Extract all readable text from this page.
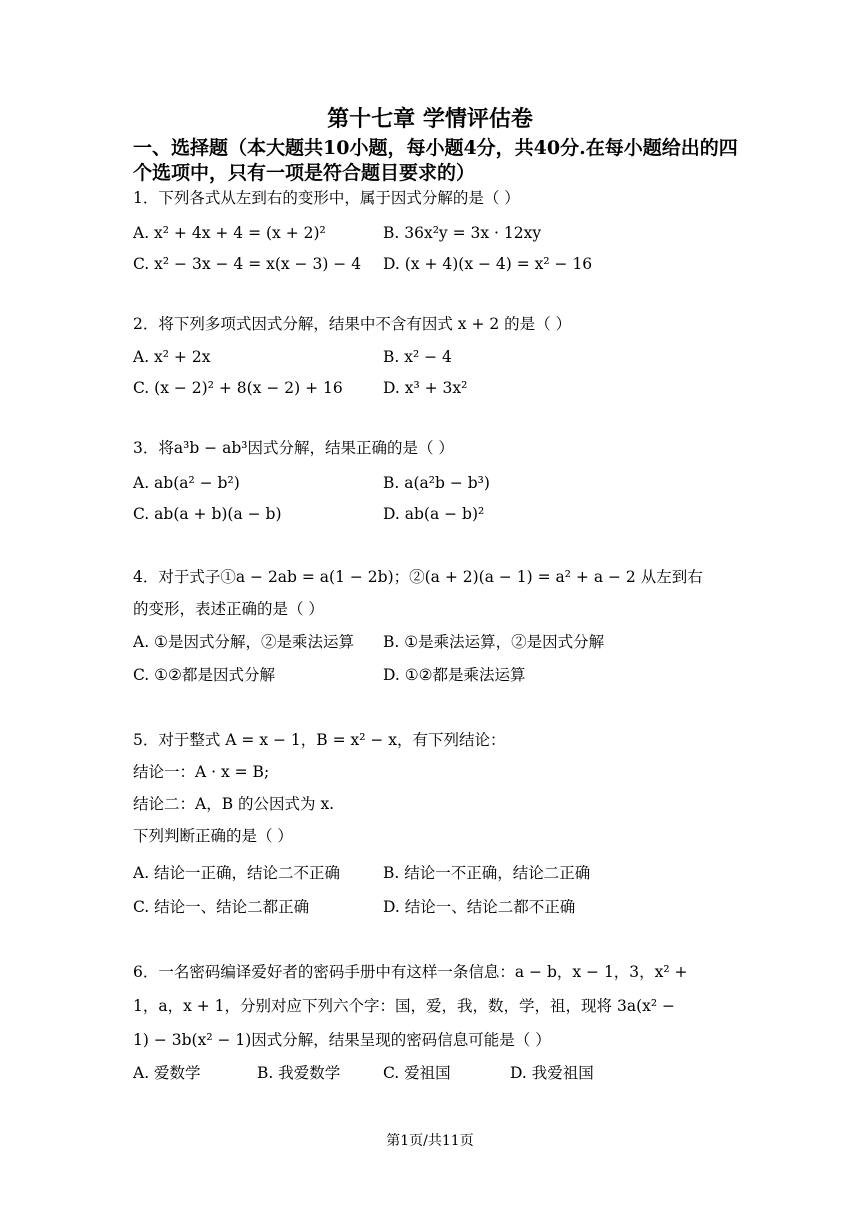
第十七章 学情评估卷
一、选择题（本大题共10小题，每小题4分，共40分.在每小题给出的四个选项中，只有一项是符合题目要求的）
1．下列各式从左到右的变形中，属于因式分解的是（ ）
A. x² + 4x + 4 = (x + 2)²	B. 36x²y = 3x · 12xy
C. x² − 3x − 4 = x(x − 3) − 4 D. (x + 4)(x − 4) = x² − 16
2．将下列多项式因式分解，结果中不含有因式 x + 2 的是（ ）
A. x² + 2x	B. x² − 4
C. (x − 2)² + 8(x − 2) + 16	D. x³ + 3x²
3．将a³b − ab³因式分解，结果正确的是（ ）
A. ab(a² − b²)	B. a(a²b − b³)
C. ab(a + b)(a − b)	D. ab(a − b)²
4．对于式子①a − 2ab = a(1 − 2b)；②(a + 2)(a − 1) = a² + a − 2 从左到右
的变形，表述正确的是（ ）
A. ①是因式分解，②是乘法运算 B. ①是乘法运算，②是因式分解
C. ①②都是因式分解	D. ①②都是乘法运算
5．对于整式 A = x − 1，B = x² − x，有下列结论：
结论一：A · x = B;
结论二：A，B 的公因式为 x.
下列判断正确的是（ ）
A. 结论一正确，结论二不正确	B. 结论一不正确，结论二正确
C. 结论一、结论二都正确	D. 结论一、结论二都不正确
6．一名密码编译爱好者的密码手册中有这样一条信息：a − b，x − 1，3，x² +
1，a，x + 1，分别对应下列六个字：国，爱，我，数，学，祖，现将 3a(x² −
1) − 3b(x² − 1)因式分解，结果呈现的密码信息可能是（ ）
A. 爱数学	B. 我爱数学	C. 爱祖国	D. 我爱祖国
第1页/共11页
